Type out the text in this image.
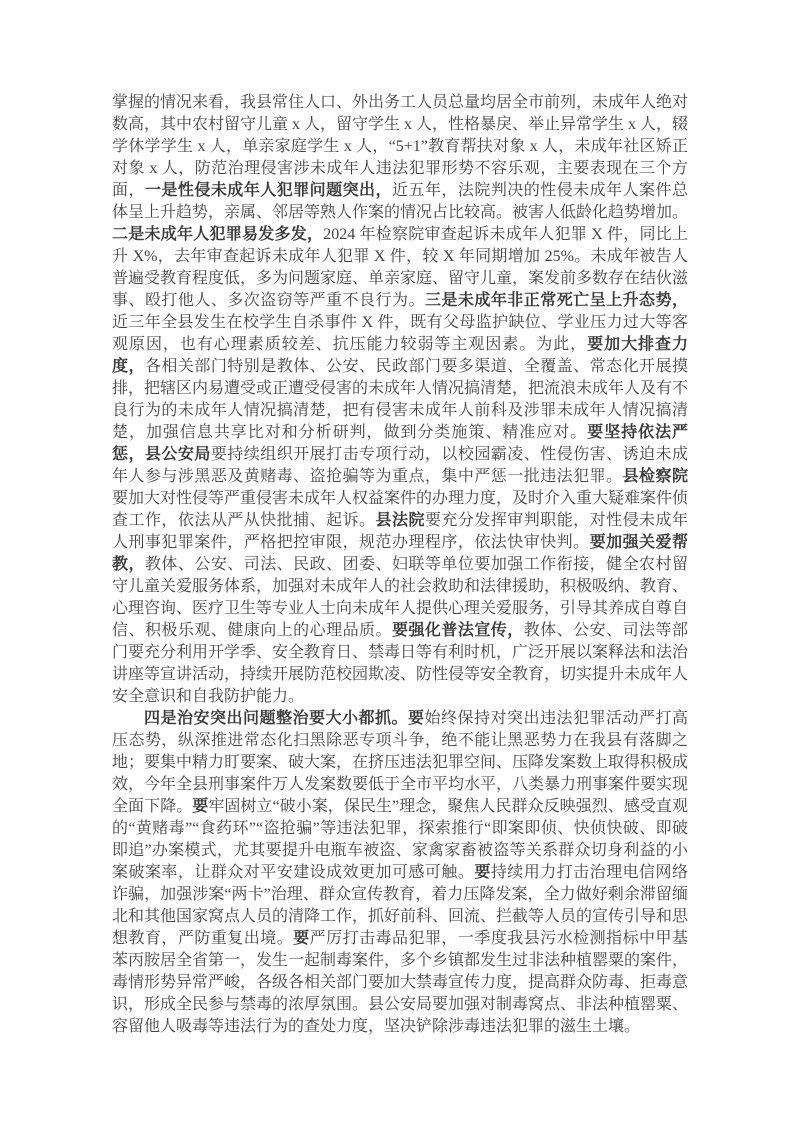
掌握的情况来看，我县常住人口、外出务工人员总量均居全市前列，未成年人绝对数高，其中农村留守儿童 x 人，留守学生 x 人，性格暴戾、举止异常学生 x 人，辍学休学学生 x 人，单亲家庭学生 x 人，“5+1”教育帮扶对象 x 人，未成年社区矫正对象 x 人，防范治理侵害涉未成年人违法犯罪形势不容乐观，主要表现在三个方面，一是性侵未成年人犯罪问题突出，近五年，法院判决的性侵未成年人案件总体呈上升趋势，亲属、邻居等熟人作案的情况占比较高。被害人低龄化趋势增加。二是未成年人犯罪易发多发，2024 年检察院审查起诉未成年人犯罪 X 件，同比上升 X%，去年审查起诉未成年人犯罪 X 件，较 X 年同期增加 25%。未成年被告人普遍受教育程度低，多为问题家庭、单亲家庭、留守儿童，案发前多数存在结伙滋事、殴打他人、多次盗窃等严重不良行为。三是未成年非正常死亡呈上升态势，近三年全县发生在校学生自杀事件 X 件，既有父母监护缺位、学业压力过大等客观原因，也有心理素质较差、抗压能力较弱等主观因素。为此，要加大排查力度，各相关部门特别是教体、公安、民政部门要多渠道、全覆盖、常态化开展摸排，把辖区内易遭受或正遭受侵害的未成年人情况搞清楚，把流浪未成年人及有不良行为的未成年人情况搞清楚，把有侵害未成年人前科及涉罪未成年人情况搞清楚，加强信息共享比对和分析研判，做到分类施策、精准应对。要坚持依法严惩，县公安局要持续组织开展打击专项行动，以校园霸凌、性侵伤害、诱迫未成年人参与涉黑恶及黄赌毒、盗抢骗等为重点，集中严惩一批违法犯罪。县检察院要加大对性侵等严重侵害未成年人权益案件的办理力度，及时介入重大疑难案件侦查工作，依法从严从快批捕、起诉。县法院要充分发挥审判职能，对性侵未成年人刑事犯罪案件，严格把控审限，规范办理程序，依法快审快判。要加强关爱帮教，教体、公安、司法、民政、团委、妇联等单位要加强工作衔接，健全农村留守儿童关爱服务体系，加强对未成年人的社会救助和法律援助，积极吸纳、教育、心理咨询、医疗卫生等专业人士向未成年人提供心理关爱服务，引导其养成自尊自信、积极乐观、健康向上的心理品质。要强化普法宣传，教体、公安、司法等部门要充分利用开学季、安全教育日、禁毒日等有利时机，广泛开展以案释法和法治讲座等宣讲活动，持续开展防范校园欺凌、防性侵等安全教育，切实提升未成年人安全意识和自我防护能力。

四是治安突出问题整治要大小都抓。要始终保持对突出违法犯罪活动严打高压态势，纵深推进常态化扫黑除恶专项斗争，绝不能让黑恶势力在我县有落脚之地；要集中精力盯要案、破大案，在挤压违法犯罪空间、压降发案数上取得积极成效，今年全县刑事案件万人发案数要低于全市平均水平，八类暴力刑事案件要实现全面下降。要牢固树立“破小案，保民生”理念，聚焦人民群众反映强烈、感受直观的“黄赌毒”“食药环”“盗抢骗”等违法犯罪，探索推行“即案即侦、快侦快破、即破即追”办案模式，尤其要提升电瓶车被盗、家禽家畜被盗等关系群众切身利益的小案破案率，让群众对平安建设成效更加可感可触。要持续用力打击治理电信网络诈骗，加强涉案“两卡”治理、群众宣传教育，着力压降发案，全力做好剩余滞留缅北和其他国家窝点人员的清降工作，抓好前科、回流、拦截等人员的宣传引导和思想教育，严防重复出境。要严厉打击毒品犯罪，一季度我县污水检测指标中甲基苯丙胺居全省第一，发生一起制毒案件，多个乡镇都发生过非法种植罂粟的案件，毒情形势异常严峻，各级各相关部门要加大禁毒宣传力度，提高群众防毒、拒毒意识，形成全民参与禁毒的浓厚氛围。县公安局要加强对制毒窝点、非法种植罂粟、容留他人吸毒等违法行为的查处力度，坚决铲除涉毒违法犯罪的滋生土壤。
